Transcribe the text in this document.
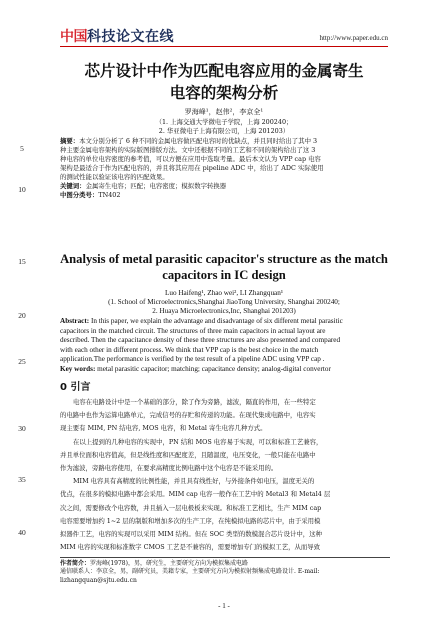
中国 科技论文在线	http://www.paper.edu.cn
芯片设计中作为匹配电容应用的金属寄生
电容的架构分析
罗海峰¹，赵伟²，李京全¹
（1. 上海交通大学微电子学院，上海 200240；
2. 华亚微电子上海有限公司，上海 201203）
5
10
15
20
25
30
35
40

摘要：本文分别分析了 6 种不同的金属电容做匹配电容时的优缺点，并且同时给出了其中 3

种主要金属电容架构的实际版图排版方法。文中还根据不同的工艺和不同的架构给出了这 3

种电容的单位电容密度的参考值，可以方便在应用中选取考量。最后本文认为 VPP cap 电容

架构是最适合于作为匹配电容的，并且将其应用在 pipeline ADC 中，给出了 ADC 实际使用

的测试性能以验证该电容的匹配效果。

关键词：金属寄生电容；匹配；电容密度；模拟数字转换器

中图分类号：TN402

Analysis of metal parasitic capacitor's structure as the match
capacitors in IC design
Luo Haifeng¹, Zhao wei², LI Zhangquan¹
(1. School of Microelectronics,Shanghai JiaoTong University, Shanghai 200240;
2. Huaya Microelectronics,Inc, Shanghai 201203)

Abstract: In this paper, we explain the advantage and disadvantage of six different metal parasitic

capacitors in the matched circuit. The structures of three main capacitors in actual layout are

described. Then the capacitance density of these three structures are also presented and compared

with each other in different process. We think that VPP cap is the best choice in the match

application.The performance is verified by the test result of a pipeline ADC using VPP cap .

Key words: metal parasitic capacitor; matching; capacitance density; analog-digital convertor

0 引言

电容在电路设计中是一个基础的部分，除了作为旁路，滤波，隔直的作用，在一些特定

的电路中也作为运算电路单元，完成信号的存贮和传递的功能。在现代集成电路中，电容实

现主要有 MIM, PN 结电容, MOS 电容，和 Metal 寄生电容几种方式。

在以上提到的几种电容的实现中，PN 结和 MOS 电容易于实现，可以和标准工艺兼容，

并且单位面积电容值高，但是线性度和匹配度差，且随温度，电压变化，一般只能在电路中

作为滤波，旁路电容使用，在要求高精度比例电路中这个电容是不能采用的。

MIM 电容具有高精度的比例性能，并且具有线性好，与外接条件如电压，温度无关的

优点，在很多的模拟电路中都会采用。MIM cap 电容一般作在工艺中的 Metal3 和 Metal4 层

次之间，需要修改个电容数，并且插入一层电极板来实现。和标准工艺相比，生产 MIM cap

电容需要增加约 1~2 层的制版和增加多次的生产工序，在纯模拟电路的芯片中，由于采用模

拟器件工艺，电容的实现可以采用 MIM 结构。但在 SOC 类型的数模混合芯片设计中，这种

MIM 电容的实现和标准数字 CMOS 工艺是不兼容的，需要增加专门的模拟工艺，从而导致

作者简介：罗海峰(1978)，男，研究生，主要研究方向为模拟集成电路

通信联系人：李京全，男，副研究员，美籍专家，主要研究方向为模拟射频集成电路设计. E-mail:

lizhangquan@sjtu.edu.cn

- 1 -
